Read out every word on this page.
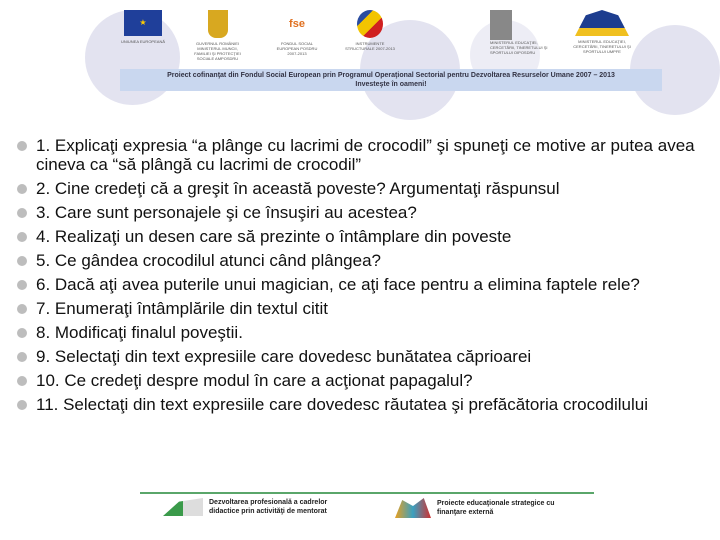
★
UNIUNEA EUROPEANĂ	GUVERNUL ROMÂNIEI MINISTERUL MUNCII, FAMILIEI ŞI PROTECŢIEI SOCIALE AMPOSDRU
fse
FONDUL SOCIAL EUROPEAN POSDRU 2007-2013
INSTRUMENTE STRUCTURALE 2007-2013
MINISTERUL EDUCAŢIEI, CERCETĂRII, TINERETULUI ŞI SPORTULUI OIPOSDRU
MINISTERUL EDUCAŢIEI, CERCETĂRII, TINERETULUI ŞI SPORTULUI UMPFE
Proiect cofinanţat din Fondul Social European prin Programul Operaţional Sectorial pentru Dezvoltarea Resurselor Umane 2007 – 2013
Investeşte în oameni!
1. Explicaţi expresia “a plânge cu lacrimi de crocodil” şi spuneţi ce motive ar putea avea cineva ca “să plângă cu lacrimi de crocodil”
2. Cine credeţi că a greşit în această poveste? Argumentaţi răspunsul
3. Care sunt personajele şi ce însuşiri au acestea?
4. Realizaţi un desen care să prezinte o întâmplare din poveste
5. Ce gândea crocodilul atunci când plângea?
6. Dacă aţi avea puterile unui magician, ce aţi face pentru a elimina faptele rele?
7. Enumeraţi întâmplările din textul citit
8. Modificaţi finalul poveştii.
9. Selectaţi din text expresiile care dovedesc bunătatea căprioarei
10. Ce credeţi despre modul în care a acţionat papagalul?
11. Selectaţi din text expresiile care dovedesc răutatea şi prefăcătoria crocodilului
Dezvoltarea profesională a cadrelor didactice prin activităţi de mentorat
Proiecte educaţionale strategice cu finanţare externă
